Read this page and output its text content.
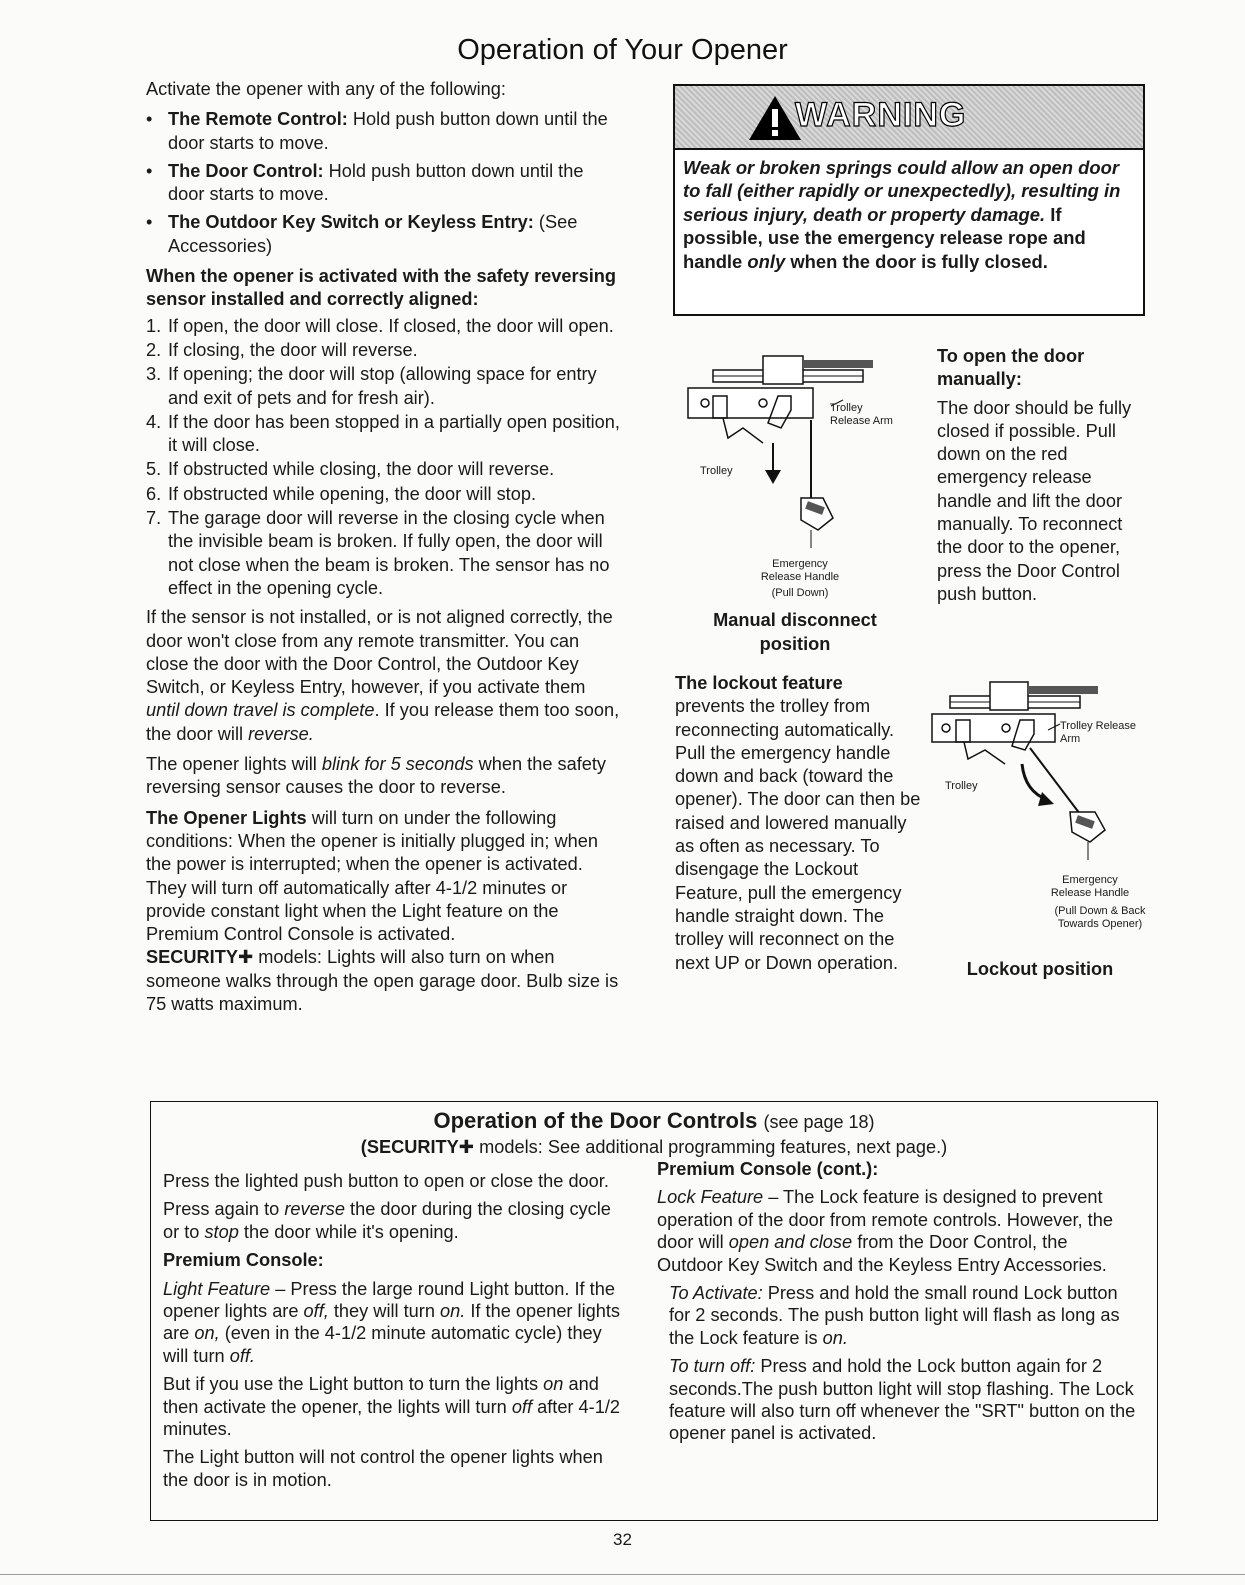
Operation of Your Opener

Activate the opener with any of the following:

• The Remote Control: Hold push button down until the door starts to move.
• The Door Control: Hold push button down until the door starts to move.
• The Outdoor Key Switch or Keyless Entry: (See Accessories)

When the opener is activated with the safety reversing sensor installed and correctly aligned:

1. If open, the door will close. If closed, the door will open.
2. If closing, the door will reverse.
3. If opening; the door will stop (allowing space for entry and exit of pets and for fresh air).
4. If the door has been stopped in a partially open position, it will close.
5. If obstructed while closing, the door will reverse.
6. If obstructed while opening, the door will stop.
7. The garage door will reverse in the closing cycle when the invisible beam is broken. If fully open, the door will not close when the beam is broken. The sensor has no effect in the opening cycle.

If the sensor is not installed, or is not aligned correctly, the door won't close from any remote transmitter. You can close the door with the Door Control, the Outdoor Key Switch, or Keyless Entry, however, if you activate them until down travel is complete. If you release them too soon, the door will reverse.

The opener lights will blink for 5 seconds when the safety reversing sensor causes the door to reverse.

The Opener Lights will turn on under the following conditions: When the opener is initially plugged in; when the power is interrupted; when the opener is activated. They will turn off automatically after 4-1/2 minutes or provide constant light when the Light feature on the Premium Control Console is activated.
SECURITY✚ models: Lights will also turn on when someone walks through the open garage door. Bulb size is 75 watts maximum.

WARNING
Weak or broken springs could allow an open door to fall (either rapidly or unexpectedly), resulting in serious injury, death or property damage. If possible, use the emergency release rope and handle only when the door is fully closed.
Trolley Release Arm
Trolley
Emergency Release Handle
(Pull Down)
Manual disconnect position

To open the door manually:

The door should be fully closed if possible. Pull down on the red emergency release handle and lift the door manually. To reconnect the door to the opener, press the Door Control push button.

The lockout feature
prevents the trolley from reconnecting automatically. Pull the emergency handle down and back (toward the opener). The door can then be raised and lowered manually as often as necessary. To disengage the Lockout Feature, pull the emergency handle straight down. The trolley will reconnect on the next UP or Down operation.
Trolley Release Arm
Trolley
Emergency Release Handle
(Pull Down & Back Towards Opener)
Lockout position
Operation of the Door Controls (see page 18)
(SECURITY✚ models: See additional programming features, next page.)

Press the lighted push button to open or close the door.

Press again to reverse the door during the closing cycle or to stop the door while it's opening.

Premium Console:

Light Feature – Press the large round Light button. If the opener lights are off, they will turn on. If the opener lights are on, (even in the 4-1/2 minute automatic cycle) they will turn off.

But if you use the Light button to turn the lights on and then activate the opener, the lights will turn off after 4-1/2 minutes.

The Light button will not control the opener lights when the door is in motion.

Premium Console (cont.):

Lock Feature – The Lock feature is designed to prevent operation of the door from remote controls. However, the door will open and close from the Door Control, the Outdoor Key Switch and the Keyless Entry Accessories.

To Activate: Press and hold the small round Lock button for 2 seconds. The push button light will flash as long as the Lock feature is on.

To turn off: Press and hold the Lock button again for 2 seconds.The push button light will stop flashing. The Lock feature will also turn off whenever the "SRT" button on the opener panel is activated.

32
